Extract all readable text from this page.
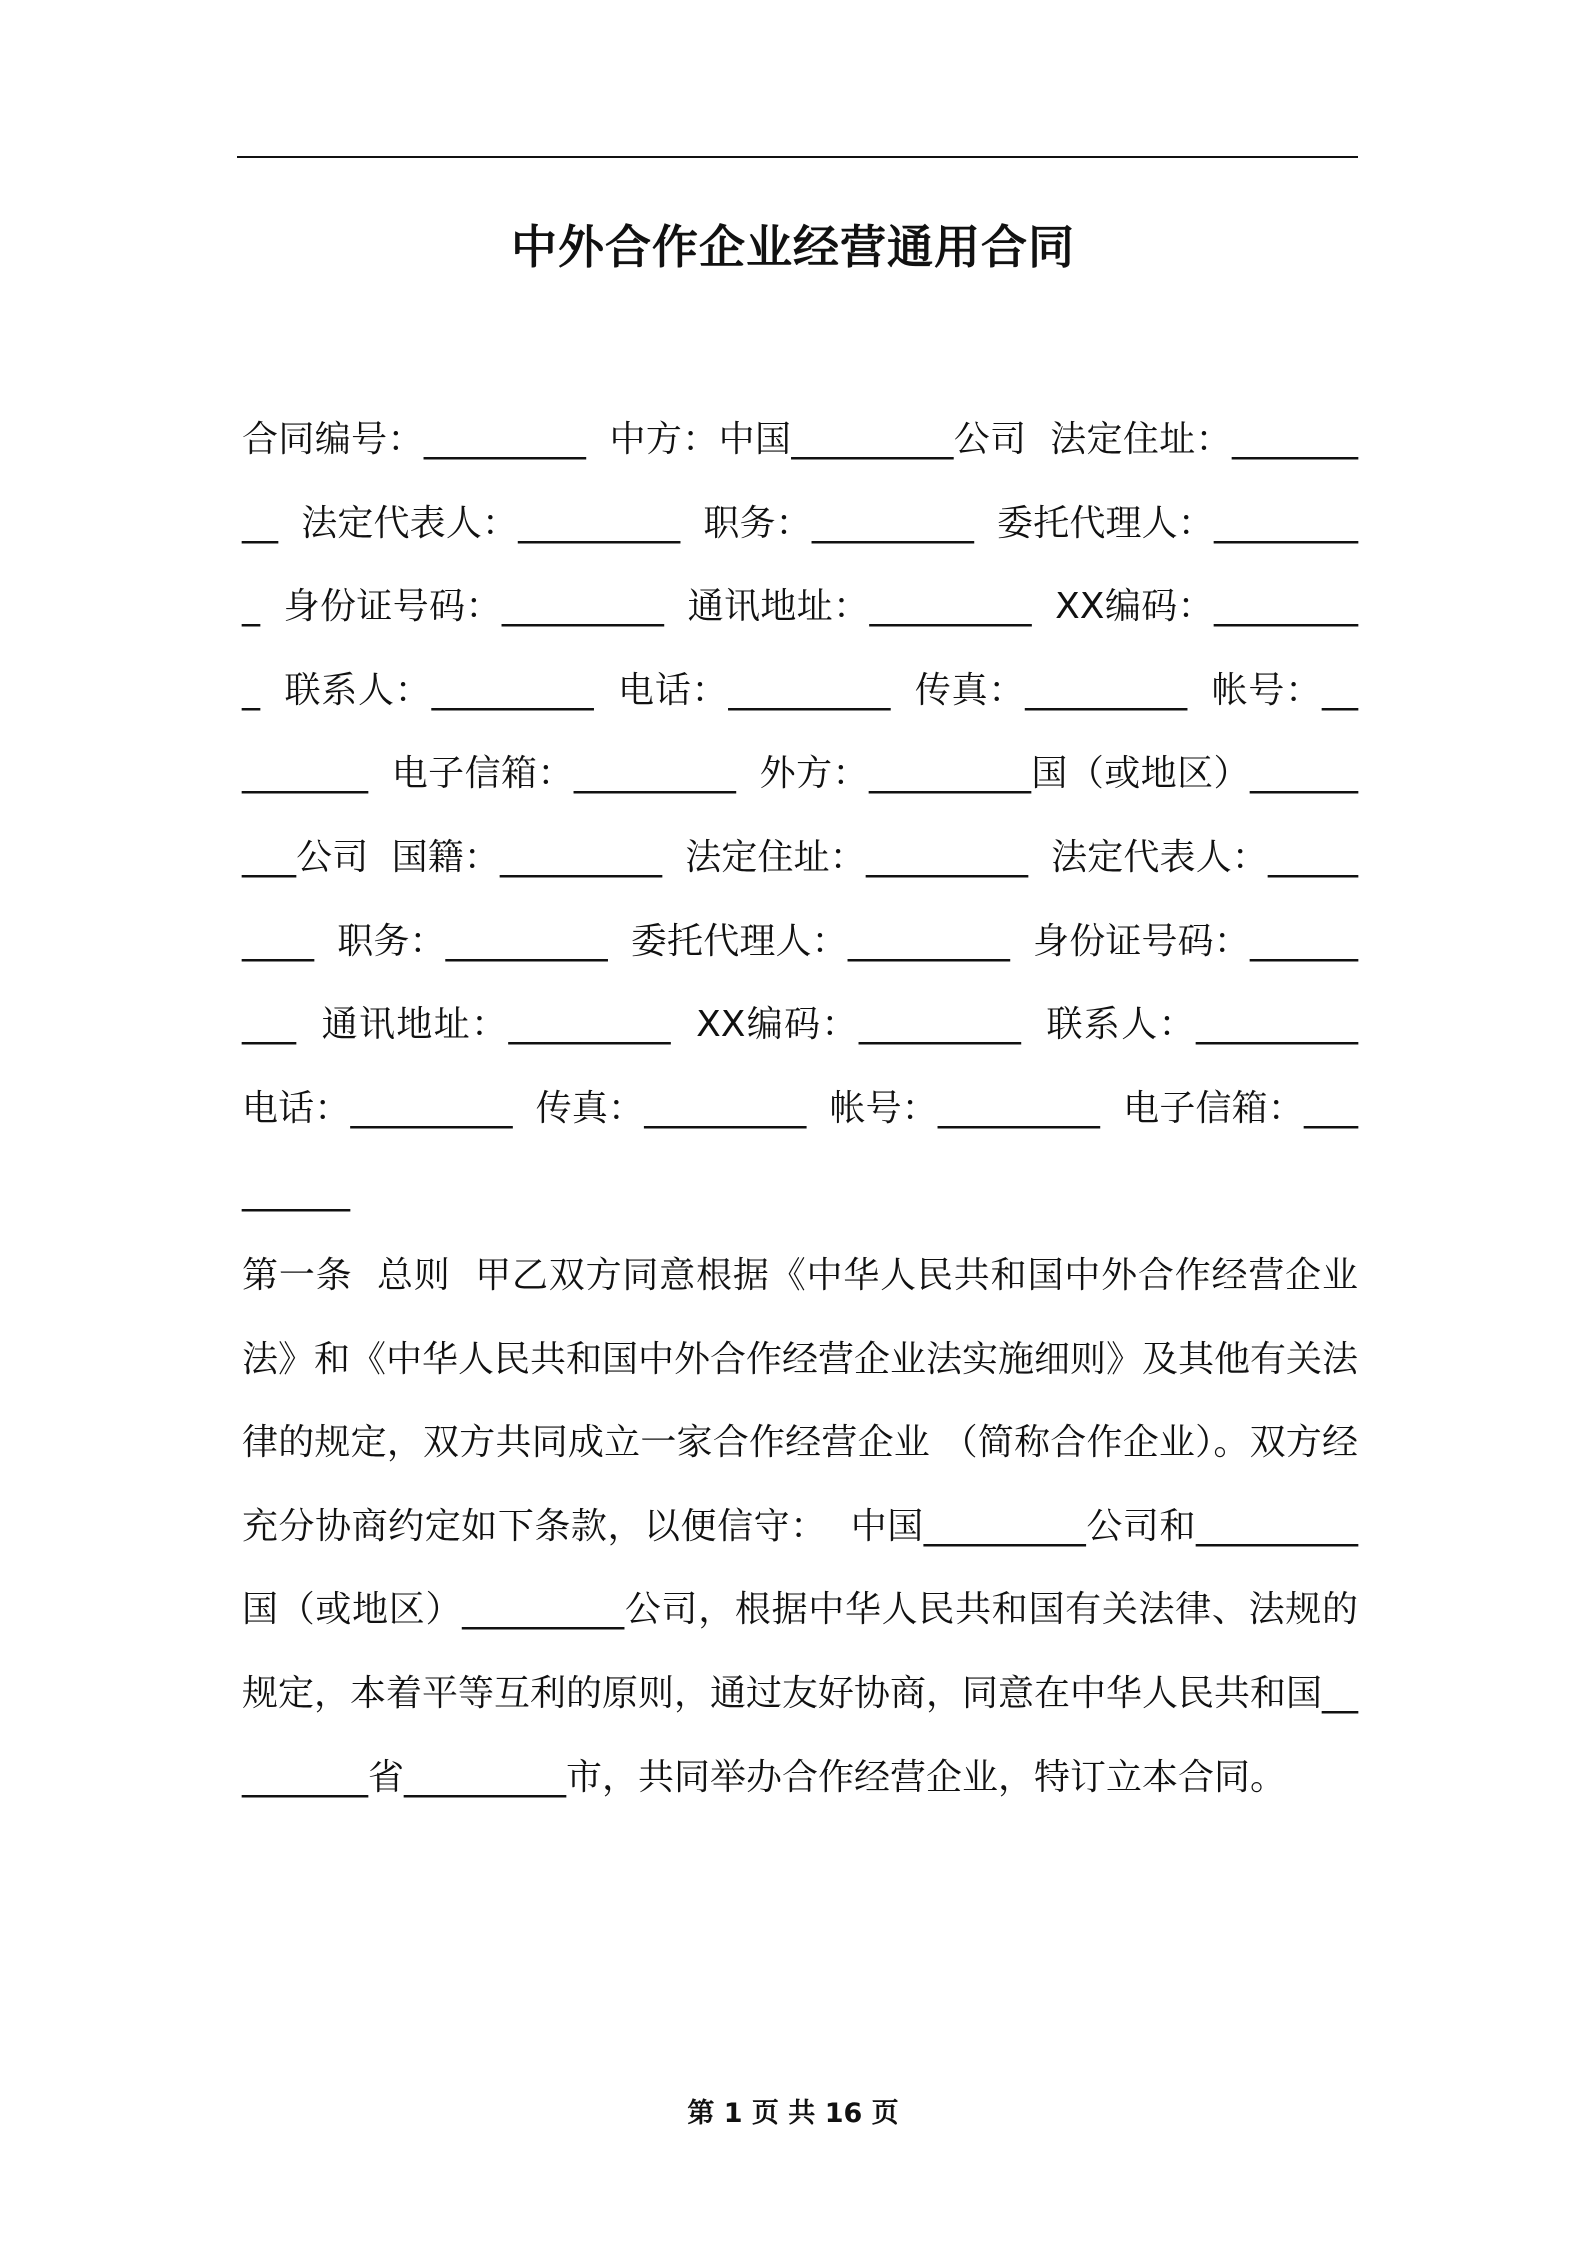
中外合作企业经营通用合同

合同编号：_________  中方：中国_________公司  法定住址：_________  法定代表人：_________  职务：_________  委托代理人：_________  身份证号码：_________  通讯地址：_________  XX编码：_________  联系人：_________  电话：_________  传真：_________  帐号：_________  电子信箱：_________  外方：_________国（或地区）_________公司  国籍：_________  法定住址：_________  法定代表人：_________  职务：_________  委托代理人：_________  身份证号码：_________  通讯地址：_________  XX编码：_________  联系人：_________  电话：_________  传真：_________  帐号：_________  电子信箱：_________

第一条  总则  甲乙双方同意根据《中华人民共和国中外合作经营企业法》和《中华人民共和国中外合作经营企业法实施细则》及其他有关法律的规定，双方共同成立一家合作经营企业 （简称合作企业）。双方经充分协商约定如下条款，以便信守：  中国_________公司和_________国（或地区）_________公司，根据中华人民共和国有关法律、法规的规定，本着平等互利的原则，通过友好协商，同意在中华人民共和国_________省_________市，共同举办合作经营企业，特订立本合同。

第 1 页 共 16 页
